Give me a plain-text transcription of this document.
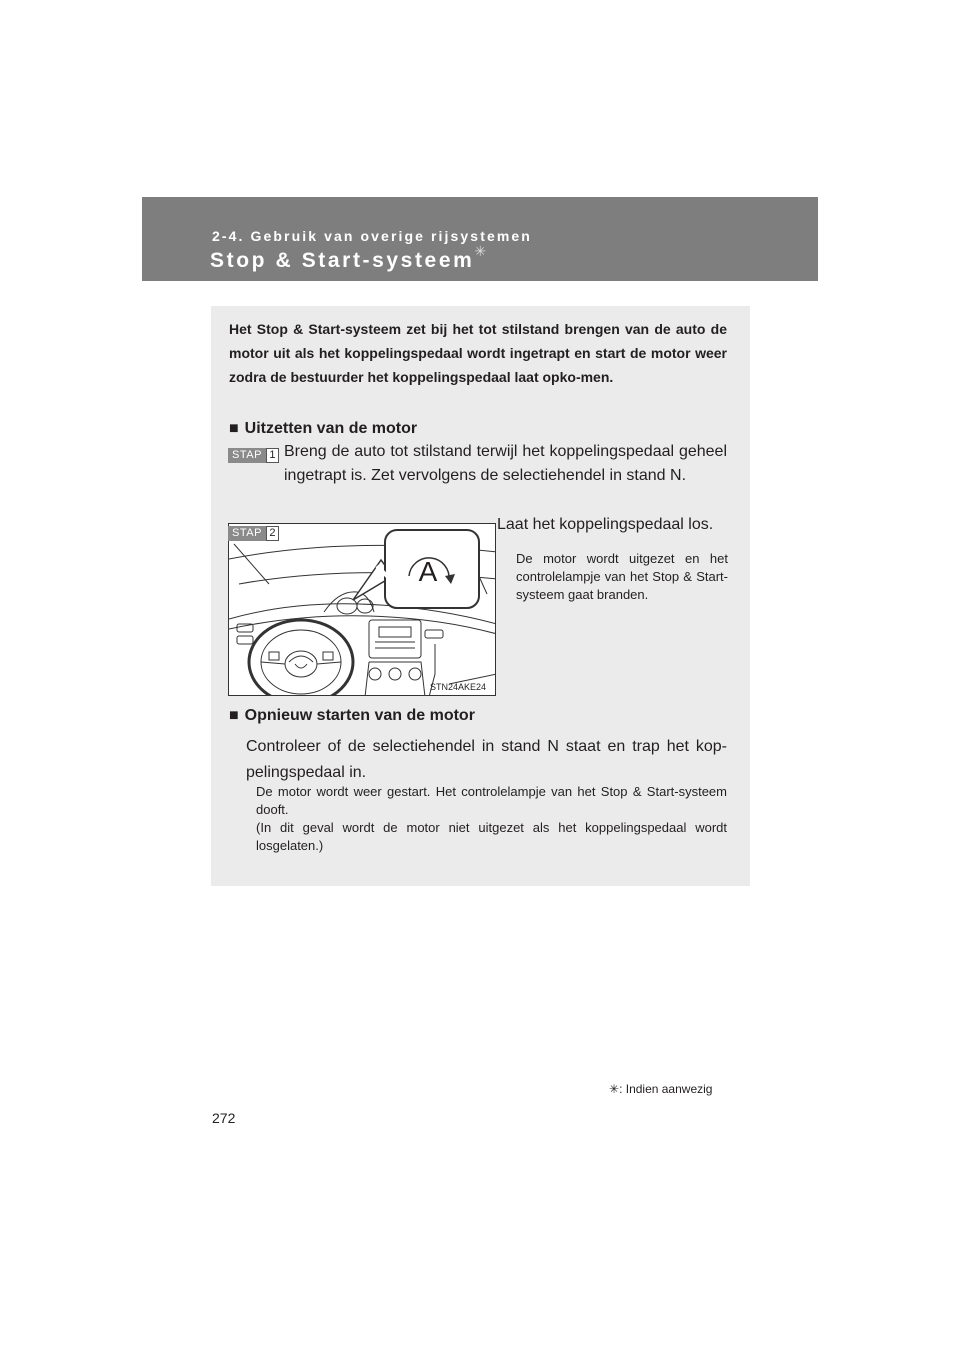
2-4. Gebruik van overige rijsystemen
Stop & Start-systeem✳
Het Stop & Start-systeem zet bij het tot stilstand brengen van de auto de motor uit als het koppelingspedaal wordt ingetrapt en start de motor weer zodra de bestuurder het koppelingspedaal laat opko-men.
■ Uitzetten van de motor
STAP 1 Breng de auto tot stilstand terwijl het koppelingspedaal geheel ingetrapt is. Zet vervolgens de selectiehendel in stand N.
STAP 2	Laat het koppelingspedaal los.
De motor wordt uitgezet en het controlelampje van het Stop & Start-systeem gaat branden.
A
STN24AKE24
■ Opnieuw starten van de motor
Controleer of de selectiehendel in stand N staat en trap het kop-pelingspedaal in.
De motor wordt weer gestart. Het controlelampje van het Stop & Start-systeem dooft.
(In dit geval wordt de motor niet uitgezet als het koppelingspedaal wordt losgelaten.)
✳: Indien aanwezig
272
